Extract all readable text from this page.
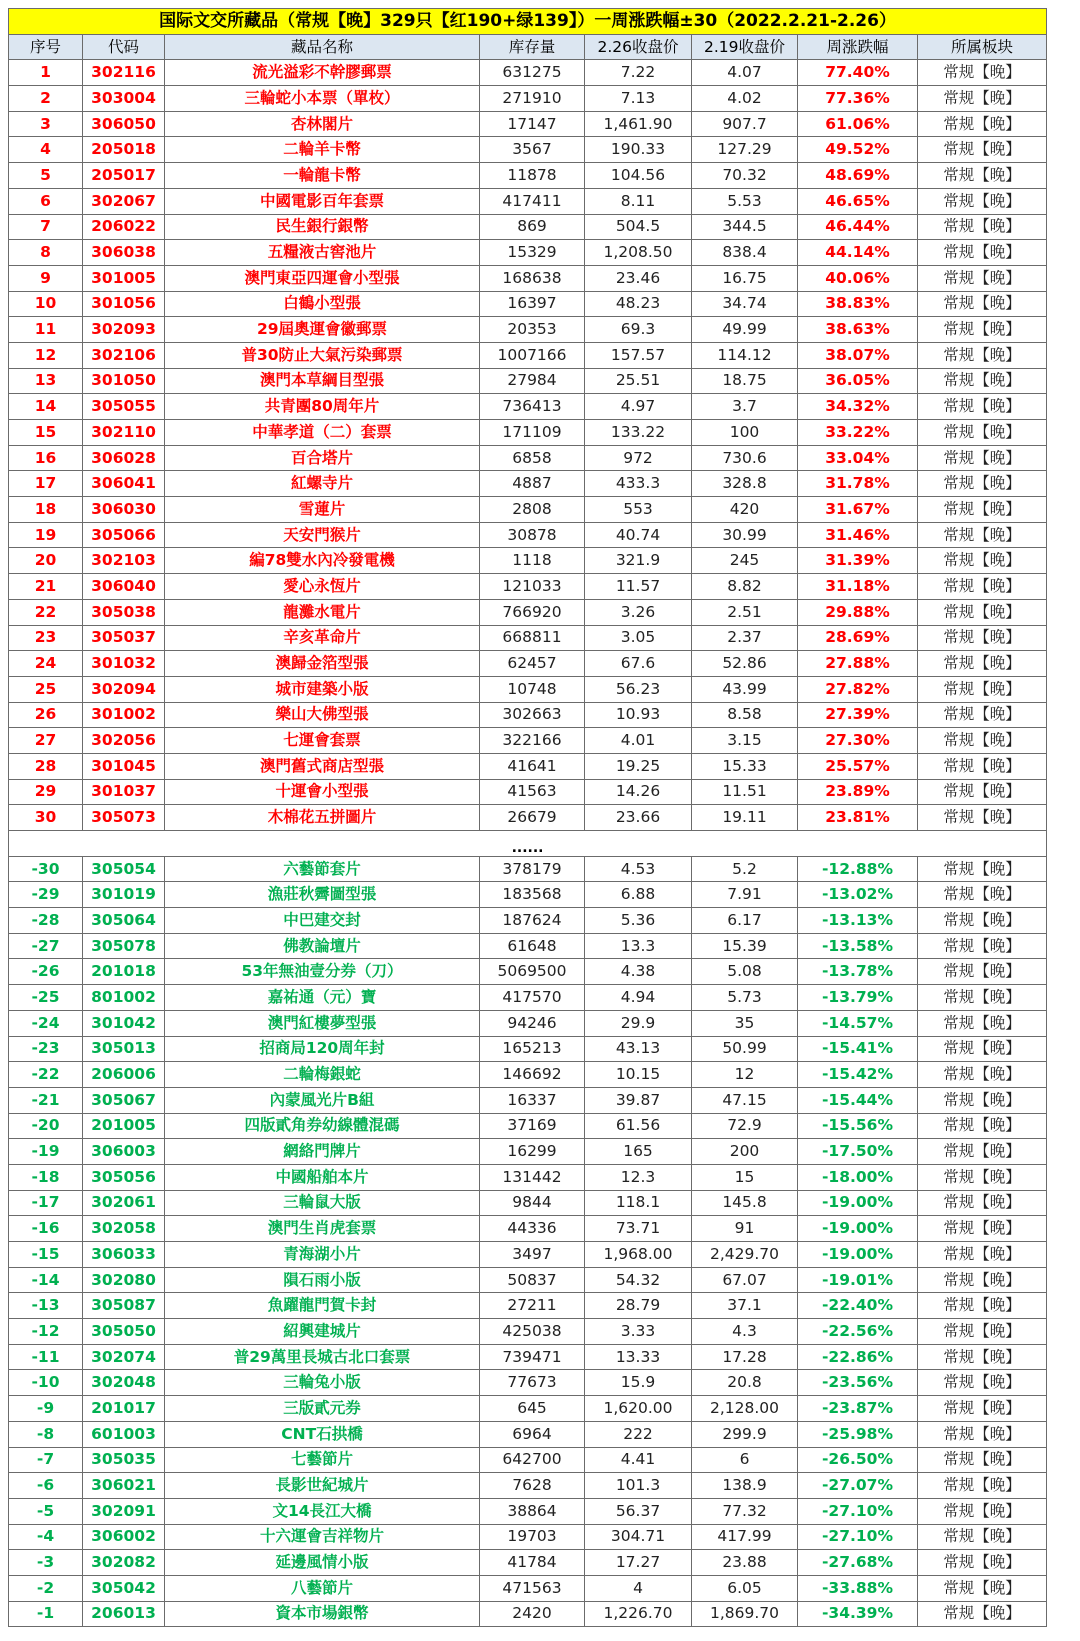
国际文交所藏品（常规【晚】329只【红190+绿139】）一周涨跌幅±30（2022.2.21-2.26）							
序号	代码	藏品名称	库存量	2.26收盘价	2.19收盘价	周涨跌幅	所属板块
1	302116	流光溢彩不幹膠郵票	631275	7.22	4.07	77.40%	常规【晚】
2	303004	三輪蛇小本票（單枚）	271910	7.13	4.02	77.36%	常规【晚】
3	306050	杏林閣片	17147	1,461.90	907.7	61.06%	常规【晚】
4	205018	二輪羊卡幣	3567	190.33	127.29	49.52%	常规【晚】
5	205017	一輪龍卡幣	11878	104.56	70.32	48.69%	常规【晚】
6	302067	中國電影百年套票	417411	8.11	5.53	46.65%	常规【晚】
7	206022	民生銀行銀幣	869	504.5	344.5	46.44%	常规【晚】
8	306038	五糧液古窖池片	15329	1,208.50	838.4	44.14%	常规【晚】
9	301005	澳門東亞四運會小型張	168638	23.46	16.75	40.06%	常规【晚】
10	301056	白鶴小型張	16397	48.23	34.74	38.83%	常规【晚】
11	302093	29屆奧運會徽郵票	20353	69.3	49.99	38.63%	常规【晚】
12	302106	普30防止大氣污染郵票	1007166	157.57	114.12	38.07%	常规【晚】
13	301050	澳門本草綱目型張	27984	25.51	18.75	36.05%	常规【晚】
14	305055	共青團80周年片	736413	4.97	3.7	34.32%	常规【晚】
15	302110	中華孝道（二）套票	171109	133.22	100	33.22%	常规【晚】
16	306028	百合塔片	6858	972	730.6	33.04%	常规【晚】
17	306041	紅螺寺片	4887	433.3	328.8	31.78%	常规【晚】
18	306030	雪蓮片	2808	553	420	31.67%	常规【晚】
19	305066	天安門猴片	30878	40.74	30.99	31.46%	常规【晚】
20	302103	編78雙水內冷發電機	1118	321.9	245	31.39%	常规【晚】
21	306040	愛心永恆片	121033	11.57	8.82	31.18%	常规【晚】
22	305038	龍灘水電片	766920	3.26	2.51	29.88%	常规【晚】
23	305037	辛亥革命片	668811	3.05	2.37	28.69%	常规【晚】
24	301032	澳歸金箔型張	62457	67.6	52.86	27.88%	常规【晚】
25	302094	城市建築小版	10748	56.23	43.99	27.82%	常规【晚】
26	301002	樂山大佛型張	302663	10.93	8.58	27.39%	常规【晚】
27	302056	七運會套票	322166	4.01	3.15	27.30%	常规【晚】
28	301045	澳門舊式商店型張	41641	19.25	15.33	25.57%	常规【晚】
29	301037	十運會小型張	41563	14.26	11.51	23.89%	常规【晚】
30	305073	木棉花五拼圖片	26679	23.66	19.11	23.81%	常规【晚】
......							
-30	305054	六藝節套片	378179	4.53	5.2	-12.88%	常规【晚】
-29	301019	漁莊秋霽圖型張	183568	6.88	7.91	-13.02%	常规【晚】
-28	305064	中巴建交封	187624	5.36	6.17	-13.13%	常规【晚】
-27	305078	佛教論壇片	61648	13.3	15.39	-13.58%	常规【晚】
-26	201018	53年無油壹分券（刀）	5069500	4.38	5.08	-13.78%	常规【晚】
-25	801002	嘉祐通（元）寶	417570	4.94	5.73	-13.79%	常规【晚】
-24	301042	澳門紅樓夢型張	94246	29.9	35	-14.57%	常规【晚】
-23	305013	招商局120周年封	165213	43.13	50.99	-15.41%	常规【晚】
-22	206006	二輪梅銀蛇	146692	10.15	12	-15.42%	常规【晚】
-21	305067	內蒙風光片B組	16337	39.87	47.15	-15.44%	常规【晚】
-20	201005	四版貳角券幼線體混碼	37169	61.56	72.9	-15.56%	常规【晚】
-19	306003	網絡門牌片	16299	165	200	-17.50%	常规【晚】
-18	305056	中國船舶本片	131442	12.3	15	-18.00%	常规【晚】
-17	302061	三輪鼠大版	9844	118.1	145.8	-19.00%	常规【晚】
-16	302058	澳門生肖虎套票	44336	73.71	91	-19.00%	常规【晚】
-15	306033	青海湖小片	3497	1,968.00	2,429.70	-19.00%	常规【晚】
-14	302080	隕石雨小版	50837	54.32	67.07	-19.01%	常规【晚】
-13	305087	魚躍龍門賀卡封	27211	28.79	37.1	-22.40%	常规【晚】
-12	305050	紹興建城片	425038	3.33	4.3	-22.56%	常规【晚】
-11	302074	普29萬里長城古北口套票	739471	13.33	17.28	-22.86%	常规【晚】
-10	302048	三輪兔小版	77673	15.9	20.8	-23.56%	常规【晚】
-9	201017	三版貳元券	645	1,620.00	2,128.00	-23.87%	常规【晚】
-8	601003	CNT石拱橋	6964	222	299.9	-25.98%	常规【晚】
-7	305035	七藝節片	642700	4.41	6	-26.50%	常规【晚】
-6	306021	長影世紀城片	7628	101.3	138.9	-27.07%	常规【晚】
-5	302091	文14長江大橋	38864	56.37	77.32	-27.10%	常规【晚】
-4	306002	十六運會吉祥物片	19703	304.71	417.99	-27.10%	常规【晚】
-3	302082	延邊風情小版	41784	17.27	23.88	-27.68%	常规【晚】
-2	305042	八藝節片	471563	4	6.05	-33.88%	常规【晚】
-1	206013	資本市場銀幣	2420	1,226.70	1,869.70	-34.39%	常规【晚】
